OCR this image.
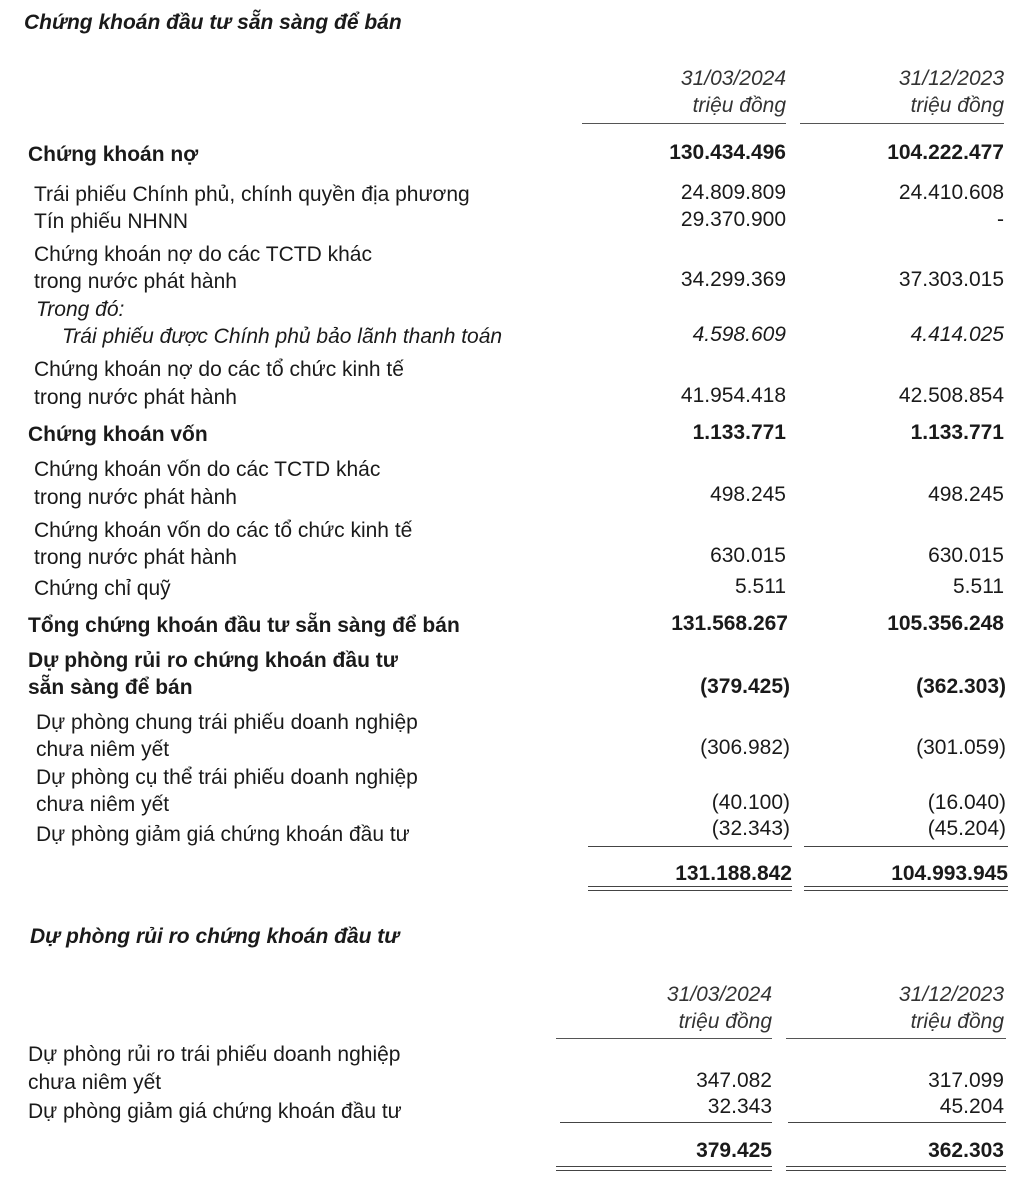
Chứng khoán đầu tư sẵn sàng để bán
31/03/2024
triệu đồng
31/12/2023
triệu đồng
Chứng khoán nợ	130.434.496	104.222.477
Trái phiếu Chính phủ, chính quyền địa phương	24.809.809	24.410.608
Tín phiếu NHNN	29.370.900	-
Chứng khoán nợ do các TCTD khác
trong nước phát hành	34.299.369	37.303.015
Trong đó:
Trái phiếu được Chính phủ bảo lãnh thanh toán	4.598.609	4.414.025
Chứng khoán nợ do các tổ chức kinh tế
trong nước phát hành	41.954.418	42.508.854
Chứng khoán vốn	1.133.771	1.133.771
Chứng khoán vốn do các TCTD khác
trong nước phát hành	498.245	498.245
Chứng khoán vốn do các tổ chức kinh tế
trong nước phát hành	630.015	630.015
Chứng chỉ quỹ	5.511	5.511
Tổng chứng khoán đầu tư sẵn sàng để bán	131.568.267	105.356.248
Dự phòng rủi ro chứng khoán đầu tư
sẵn sàng để bán	(379.425)	(362.303)
Dự phòng chung trái phiếu doanh nghiệp
chưa niêm yết	(306.982)	(301.059)
Dự phòng cụ thể trái phiếu doanh nghiệp
chưa niêm yết	(40.100)	(16.040)
Dự phòng giảm giá chứng khoán đầu tư	(32.343)	(45.204)
131.188.842	104.993.945
Dự phòng rủi ro chứng khoán đầu tư
31/03/2024
triệu đồng
31/12/2023
triệu đồng
Dự phòng rủi ro trái phiếu doanh nghiệp
chưa niêm yết	347.082	317.099
Dự phòng giảm giá chứng khoán đầu tư	32.343	45.204
379.425	362.303
